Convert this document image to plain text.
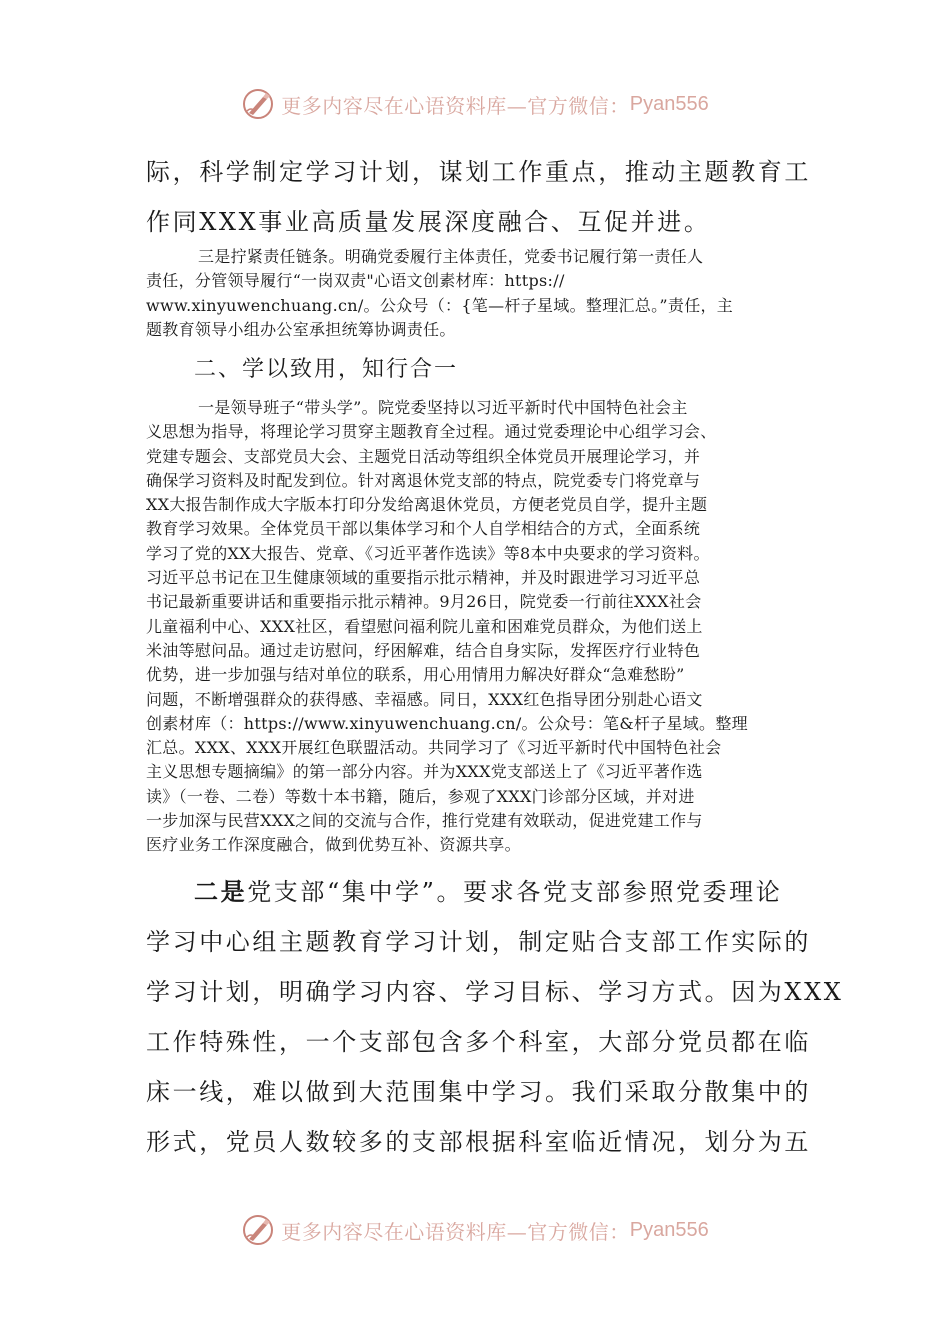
更多内容尽在心语资料库—官方微信： Pyan556
际，科学制定学习计划，谋划工作重点，推动主题教育工
作同XXX事业高质量发展深度融合、互促并进。
三是拧紧责任链条。明确党委履行主体责任，党委书记履行第一责任人
责任，分管领导履行“一岗双责"心语文创素材库：https://
www.xinyuwenchuang.cn/。公众号（：{笔—杆子星域。整理汇总。”责任，主
题教育领导小组办公室承担统筹协调责任。
二、学以致用，知行合一
一是领导班子“带头学”。院党委坚持以习近平新时代中国特色社会主
义思想为指导，将理论学习贯穿主题教育全过程。通过党委理论中心组学习会、
党建专题会、支部党员大会、主题党日活动等组织全体党员开展理论学习，并
确保学习资料及时配发到位。针对离退休党支部的特点，院党委专门将党章与
XX大报告制作成大字版本打印分发给离退休党员，方便老党员自学，提升主题
教育学习效果。全体党员干部以集体学习和个人自学相结合的方式，全面系统
学习了党的XX大报告、党章、《习近平著作选读》等8本中央要求的学习资料。
习近平总书记在卫生健康领域的重要指示批示精神，并及时跟进学习习近平总
书记最新重要讲话和重要指示批示精神。9月26日，院党委一行前往XXX社会
儿童福利中心、XXX社区，看望慰问福利院儿童和困难党员群众，为他们送上
米油等慰问品。通过走访慰问，纾困解难，结合自身实际，发挥医疗行业特色
优势，进一步加强与结对单位的联系，用心用情用力解决好群众“急难愁盼”
问题，不断增强群众的获得感、幸福感。同日，XXX红色指导团分别赴心语文
创素材库（：https://www.xinyuwenchuang.cn/。公众号：笔&杆子星域。整理
汇总。XXX、XXX开展红色联盟活动。共同学习了《习近平新时代中国特色社会
主义思想专题摘编》的第一部分内容。并为XXX党支部送上了《习近平著作选
读》（一卷、二卷）等数十本书籍，随后，参观了XXX门诊部分区域，并对进
一步加深与民营XXX之间的交流与合作，推行党建有效联动，促进党建工作与
医疗业务工作深度融合，做到优势互补、资源共享。
二是党支部“集中学”。要求各党支部参照党委理论
学习中心组主题教育学习计划，制定贴合支部工作实际的
学习计划，明确学习内容、学习目标、学习方式。因为XXX
工作特殊性，一个支部包含多个科室，大部分党员都在临
床一线，难以做到大范围集中学习。我们采取分散集中的
形式，党员人数较多的支部根据科室临近情况，划分为五
更多内容尽在心语资料库—官方微信： Pyan556
